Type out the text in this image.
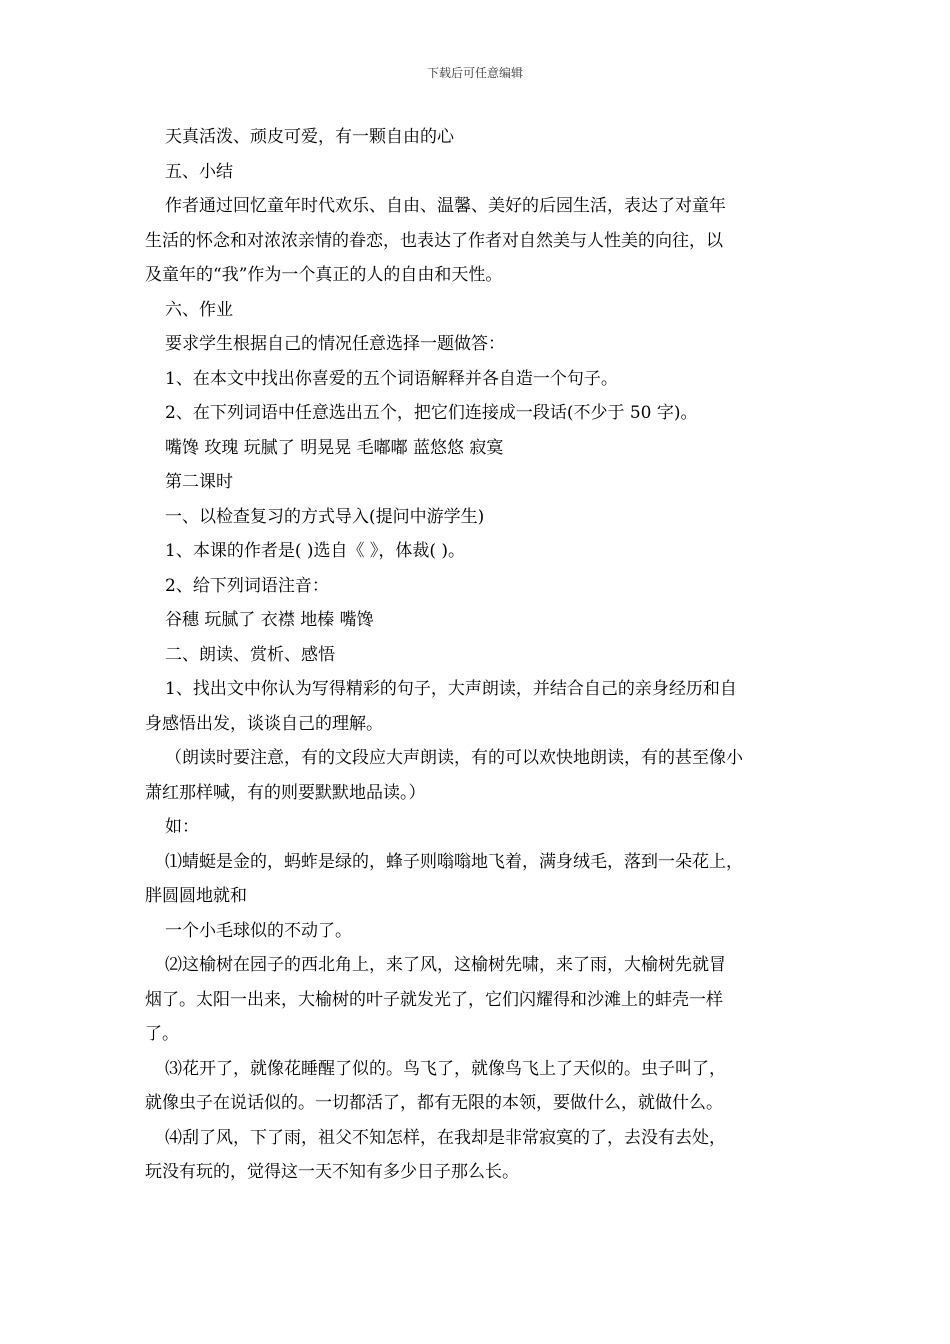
下载后可任意编辑
天真活泼、顽皮可爱，有一颗自由的心
五、小结
作者通过回忆童年时代欢乐、自由、温馨、美好的后园生活，表达了对童年
生活的怀念和对浓浓亲情的眷恋，也表达了作者对自然美与人性美的向往，以
及童年的“我”作为一个真正的人的自由和天性。
六、作业
要求学生根据自己的情况任意选择一题做答：
1、在本文中找出你喜爱的五个词语解释并各自造一个句子。
2、在下列词语中任意选出五个，把它们连接成一段话(不少于 50 字)。
嘴馋 玫瑰 玩腻了 明晃晃 毛嘟嘟 蓝悠悠 寂寞
第二课时
一、以检查复习的方式导入(提问中游学生)
1、本课的作者是( )选自《 》，体裁( )。
2、给下列词语注音：
谷穗 玩腻了 衣襟 地榛 嘴馋
二、朗读、赏析、感悟
1、找出文中你认为写得精彩的句子，大声朗读，并结合自己的亲身经历和自
身感悟出发，谈谈自己的理解。
（朗读时要注意，有的文段应大声朗读，有的可以欢快地朗读，有的甚至像小
萧红那样喊，有的则要默默地品读。）
如：
⑴蜻蜓是金的，蚂蚱是绿的，蜂子则嗡嗡地飞着，满身绒毛，落到一朵花上，
胖圆圆地就和
一个小毛球似的不动了。
⑵这榆树在园子的西北角上，来了风，这榆树先啸，来了雨，大榆树先就冒
烟了。太阳一出来，大榆树的叶子就发光了，它们闪耀得和沙滩上的蚌壳一样
了。
⑶花开了，就像花睡醒了似的。鸟飞了，就像鸟飞上了天似的。虫子叫了，
就像虫子在说话似的。一切都活了，都有无限的本领，要做什么，就做什么。
⑷刮了风，下了雨，祖父不知怎样，在我却是非常寂寞的了，去没有去处，
玩没有玩的，觉得这一天不知有多少日子那么长。
